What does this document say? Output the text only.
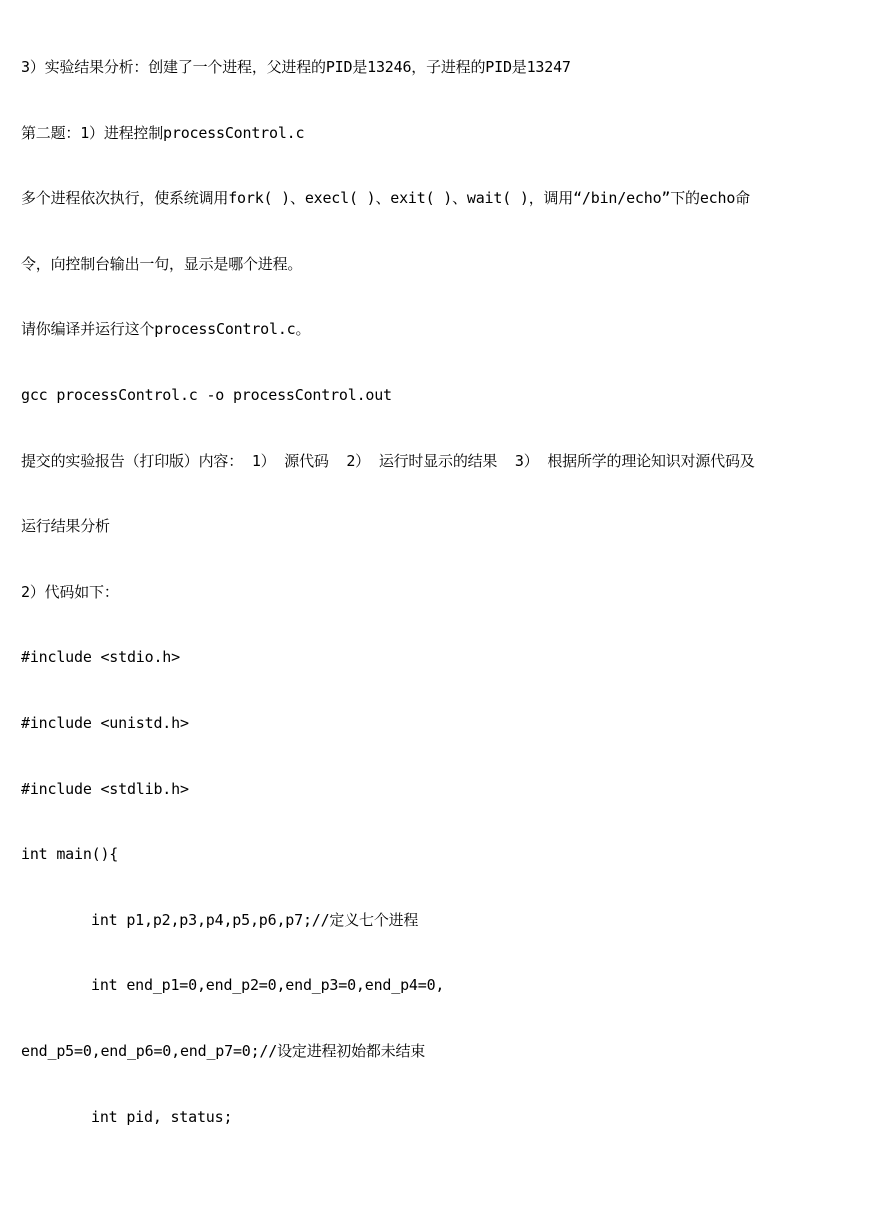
3）实验结果分析：创建了一个进程，父进程的PID是13246，子进程的PID是13247
第二题：1）进程控制processControl.c
多个进程依次执行，使系统调用fork( )、execl( )、exit( )、wait( )，调用“/bin/echo”下的echo命
令，向控制台输出一句，显示是哪个进程。
请你编译并运行这个processControl.c。
gcc processControl.c -o processControl.out
提交的实验报告（打印版）内容： 1） 源代码  2） 运行时显示的结果  3） 根据所学的理论知识对源代码及
运行结果分析
2）代码如下：
#include <stdio.h>
#include <unistd.h>
#include <stdlib.h>
int main(){
int p1,p2,p3,p4,p5,p6,p7;//定义七个进程
int end_p1=0,end_p2=0,end_p3=0,end_p4=0,
end_p5=0,end_p6=0,end_p7=0;//设定进程初始都未结束
int pid, status;
